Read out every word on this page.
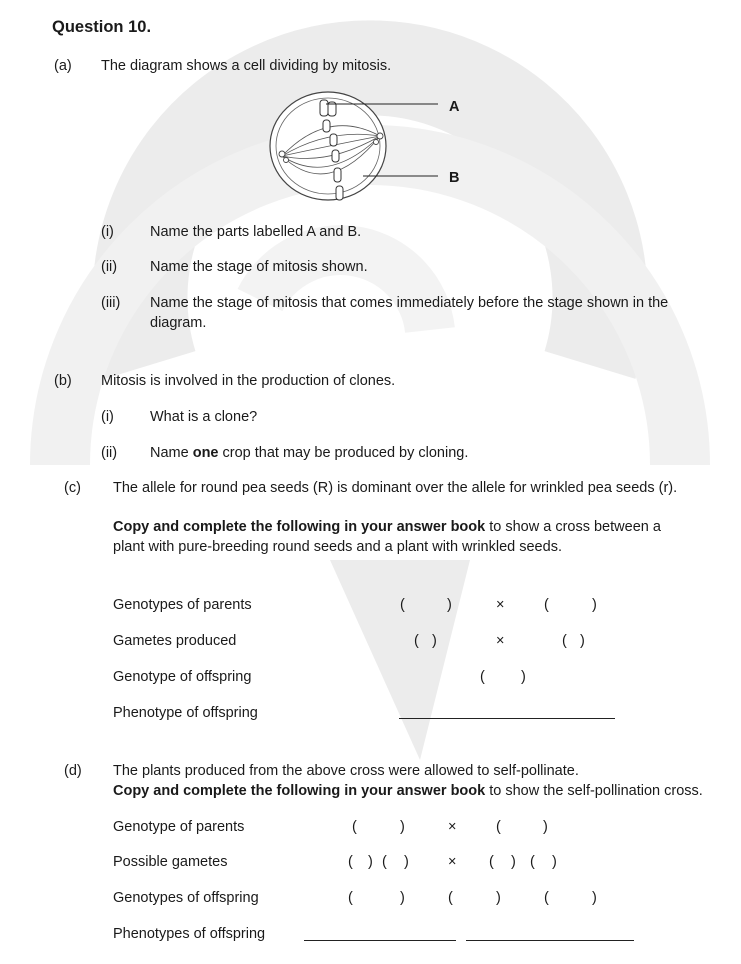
Question 10.
(a) The diagram shows a cell dividing by mitosis.
A
B
(i) Name the parts labelled A and B.
(ii) Name the stage of mitosis shown.
(iii) Name the stage of mitosis that comes immediately before the stage shown in the
diagram.
(b) Mitosis is involved in the production of clones.
(i) What is a clone?
(ii) Name one crop that may be produced by cloning.
(c) The allele for round pea seeds (R) is dominant over the allele for wrinkled pea seeds (r).
Copy and complete the following in your answer book to show a cross between a
plant with pure-breeding round seeds and a plant with wrinkled seeds.
Genotypes of parents	(	)	×	(	)
Gametes produced	( )	×	( )
Genotype of offspring	( )
Phenotype of offspring
(d) The plants produced from the above cross were allowed to self-pollinate.
Copy and complete the following in your answer book to show the self-pollination cross.
Genotype of parents	(	)	×	(	)
Possible gametes	( ) ( )	× ( ) ( )
Genotypes of offspring	(	)	(	)	(	)
Phenotypes of offspring
